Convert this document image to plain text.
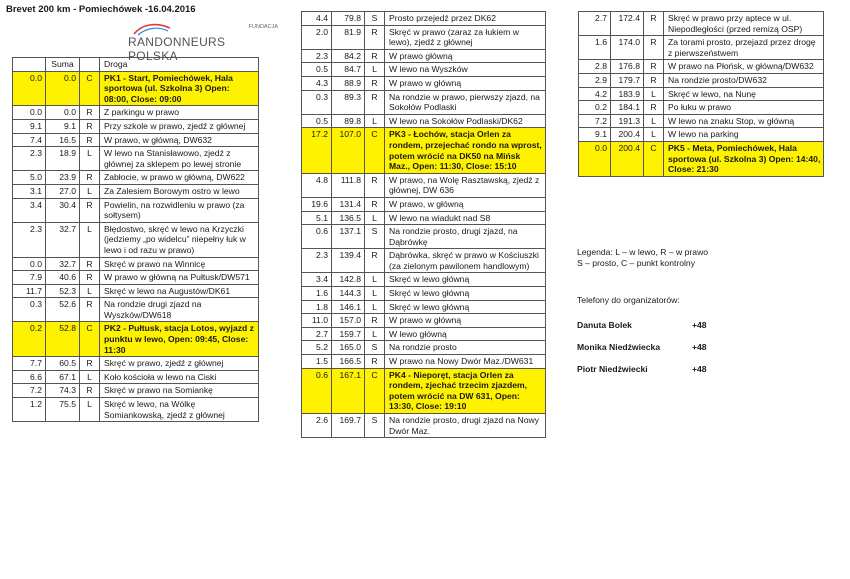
Brevet 200 km - Pomiechówek -16.04.2016
FUNDACJA
RANDONNEURS POLSKA
	Suma		Droga
0.0	0.0	C	PK1 - Start, Pomiechówek, Hala sportowa (ul. Szkolna 3) Open: 08:00, Close: 09:00
0.0	0.0	R	Z parkingu w prawo
9.1	9.1	R	Przy szkole w prawo, zjedź z głównej
7.4	16.5	R	W prawo, w główną, DW632
2.3	18.9	L	W lewo na Stanisławowo, zjedź z głównej za sklepem po lewej stronie
5.0	23.9	R	Zabłocie, w prawo w główną, DW622
3.1	27.0	L	Za Zalesiem Borowym ostro w lewo
3.4	30.4	R	Powielin, na rozwidleniu w prawo (za sołtysem)
2.3	32.7	L	Błędostwo, skręć w lewo na Krzyczki (jedziemy „po widelcu” niepełny łuk w lewo i od razu w prawo)
0.0	32.7	R	Skręć w prawo na Winnicę
7.9	40.6	R	W prawo w główną na Pułtusk/DW571
11.7	52.3	L	Skręć w lewo na Augustów/DK61
0.3	52.6	R	Na rondzie drugi zjazd na Wyszków/DW618
0.2	52.8	C	PK2 - Pułtusk, stacja Lotos, wyjazd z punktu w lewo, Open: 09:45, Close: 11:30
7.7	60.5	R	Skręć w prawo, zjedź z głównej
6.6	67.1	L	Koło kościoła w lewo na Ciski
7.2	74.3	R	Skręć w prawo na Somiankę
1.2	75.5	L	Skręć w lewo, na Wólkę Somiankowską, zjedź z głównej
4.4	79.8	S	Prosto przejedź przez DK62
2.0	81.9	R	Skręć w prawo (zaraz za łukiem w lewo), zjedź z głównej
2.3	84.2	R	W prawo główną
0.5	84.7	L	W lewo na Wyszków
4.3	88.9	R	W prawo w główną
0.3	89.3	R	Na rondzie w prawo, pierwszy zjazd, na Sokołów Podlaski
0.5	89.8	L	W lewo na Sokołów Podlaski/DK62
17.2	107.0	C	PK3 - Łochów, stacja Orlen za rondem, przejechać rondo na wprost, potem wrócić na DK50 na Mińsk Maz., Open: 11:30, Close: 15:10
4.8	111.8	R	W prawo, na Wolę Rasztawską, zjedź z głównej, DW 636
19.6	131.4	R	W prawo, w główną
5.1	136.5	L	W lewo na wiadukt nad S8
0.6	137.1	S	Na rondzie prosto, drugi zjazd, na Dąbrówkę
2.3	139.4	R	Dąbrówka, skręć w prawo w Kościuszki (za zielonym pawilonem handlowym)
3.4	142.8	L	Skręć w lewo główną
1.6	144.3	L	Skręć w lewo główną
1.8	146.1	L	Skręć w lewo główną
11.0	157.0	R	W prawo w główną
2.7	159.7	L	W lewo główną
5.2	165.0	S	Na rondzie prosto
1.5	166.5	R	W prawo na Nowy Dwór Maz./DW631
0.6	167.1	C	PK4 - Nieporęt, stacja Orlen za rondem, zjechać trzecim zjazdem, potem wrócić na DW 631, Open: 13:30, Close: 19:10
2.6	169.7	S	Na rondzie prosto, drugi zjazd na Nowy Dwór Maz.
2.7	172.4	R	Skręć w prawo przy aptece w ul. Niepodległości (przed remizą OSP)
1.6	174.0	R	Za torami prosto, przejazd przez drogę z pierwszeństwem
2.8	176.8	R	W prawo na Płońsk, w główną/DW632
2.9	179.7	R	Na rondzie prosto/DW632
4.2	183.9	L	Skręć w lewo, na Nunę
0.2	184.1	R	Po łuku w prawo
7.2	191.3	L	W lewo na znaku Stop, w główną
9.1	200.4	L	W lewo na parking
0.0	200.4	C	PK5 - Meta, Pomiechówek, Hala sportowa (ul. Szkolna 3) Open: 14:40, Close: 21:30
Legenda: L – w lewo, R – w prawo
S – prosto, C – punkt kontrolny
Telefony do organizatorów:
Danuta Bolek	+48
Monika Niedźwiecka	+48
Piotr Niedźwiecki	+48
